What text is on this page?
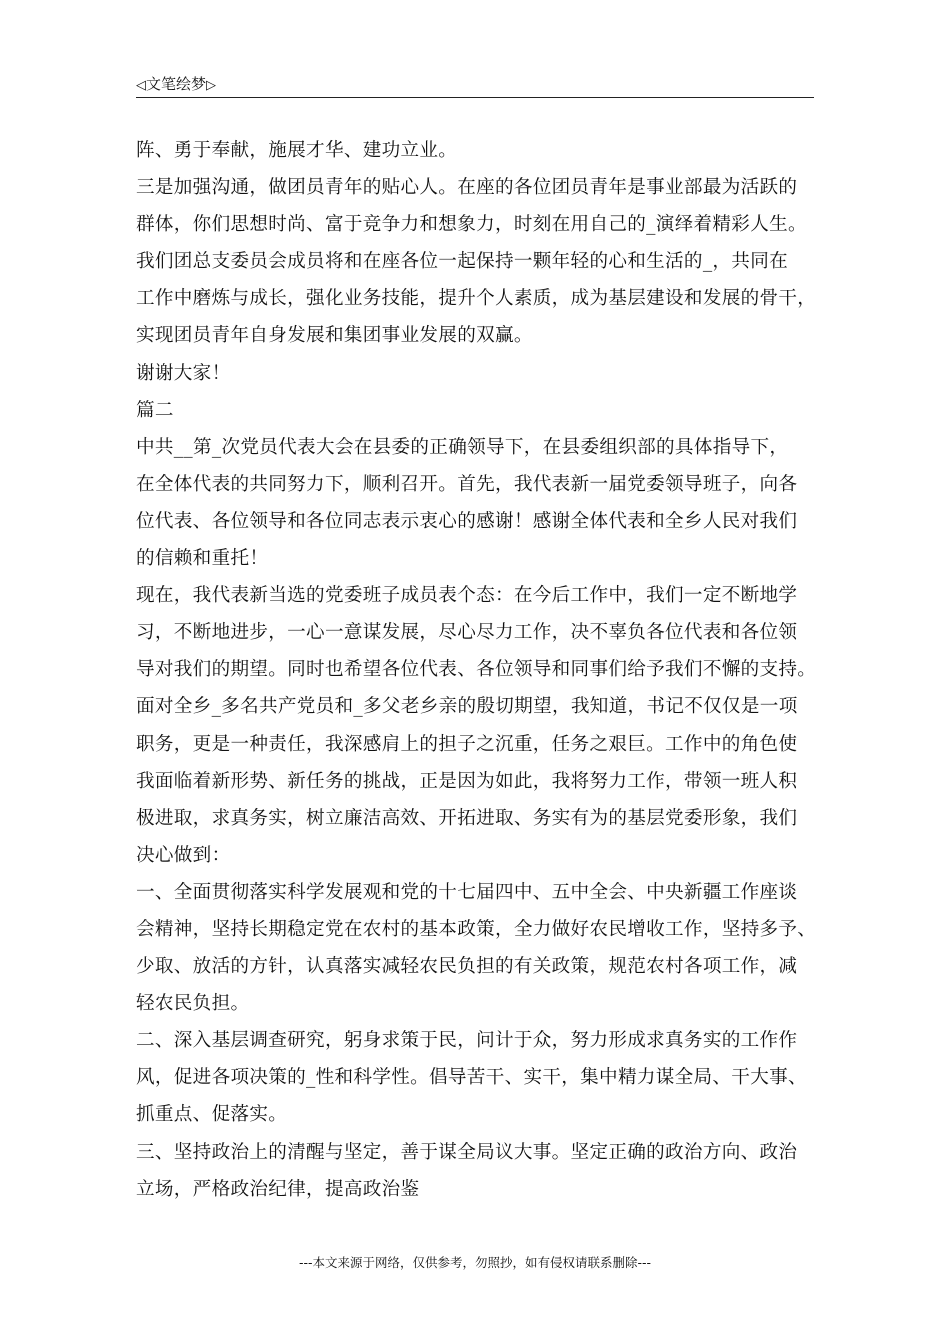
◁文笔绘梦▷
阵、勇于奉献，施展才华、建功立业。
三是加强沟通，做团员青年的贴心人。在座的各位团员青年是事业部最为活跃的
群体，你们思想时尚、富于竞争力和想象力，时刻在用自己的_演绎着精彩人生。
我们团总支委员会成员将和在座各位一起保持一颗年轻的心和生活的_，共同在
工作中磨炼与成长，强化业务技能，提升个人素质，成为基层建设和发展的骨干，
实现团员青年自身发展和集团事业发展的双赢。
谢谢大家！
篇二
中共__第_次党员代表大会在县委的正确领导下，在县委组织部的具体指导下，
在全体代表的共同努力下，顺利召开。首先，我代表新一届党委领导班子，向各
位代表、各位领导和各位同志表示衷心的感谢！感谢全体代表和全乡人民对我们
的信赖和重托！
现在，我代表新当选的党委班子成员表个态：在今后工作中，我们一定不断地学
习，不断地进步，一心一意谋发展，尽心尽力工作，决不辜负各位代表和各位领
导对我们的期望。同时也希望各位代表、各位领导和同事们给予我们不懈的支持。
面对全乡_多名共产党员和_多父老乡亲的殷切期望，我知道，书记不仅仅是一项
职务，更是一种责任，我深感肩上的担子之沉重，任务之艰巨。工作中的角色使
我面临着新形势、新任务的挑战，正是因为如此，我将努力工作，带领一班人积
极进取，求真务实，树立廉洁高效、开拓进取、务实有为的基层党委形象，我们
决心做到：
一、全面贯彻落实科学发展观和党的十七届四中、五中全会、中央新疆工作座谈
会精神，坚持长期稳定党在农村的基本政策，全力做好农民增收工作，坚持多予、
少取、放活的方针，认真落实减轻农民负担的有关政策，规范农村各项工作，减
轻农民负担。
二、深入基层调查研究，躬身求策于民，问计于众，努力形成求真务实的工作作
风，促进各项决策的_性和科学性。倡导苦干、实干，集中精力谋全局、干大事、
抓重点、促落实。
三、坚持政治上的清醒与坚定，善于谋全局议大事。坚定正确的政治方向、政治
立场，严格政治纪律，提高政治鉴
---本文来源于网络，仅供参考，勿照抄，如有侵权请联系删除---
